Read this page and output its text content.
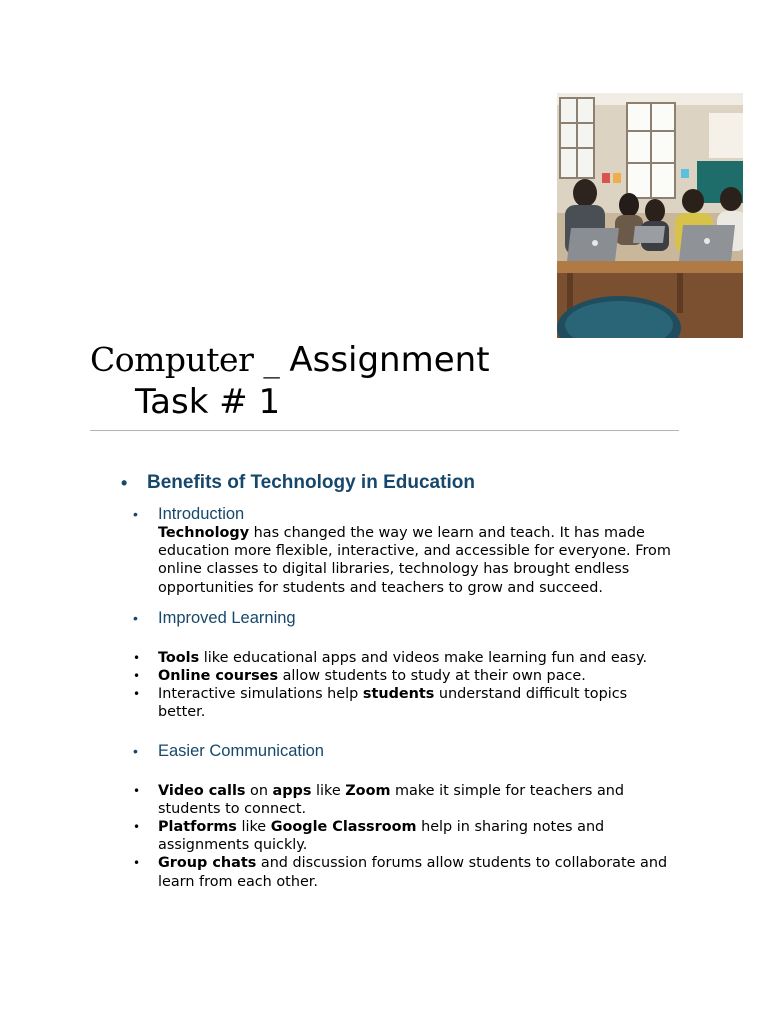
Computer _ Assignment
Task # 1
• Benefits of Technology in Education
• Introduction
Technology has changed the way we learn and teach. It has made education more flexible, interactive, and accessible for everyone. From online classes to digital libraries, technology has brought endless opportunities for students and teachers to grow and succeed.
• Improved Learning
• Tools like educational apps and videos make learning fun and easy.
• Online courses allow students to study at their own pace.
• Interactive simulations help students understand difficult topics better.
• Easier Communication
• Video calls on apps like Zoom make it simple for teachers and students to connect.
• Platforms like Google Classroom help in sharing notes and assignments quickly.
• Group chats and discussion forums allow students to collaborate and learn from each other.
